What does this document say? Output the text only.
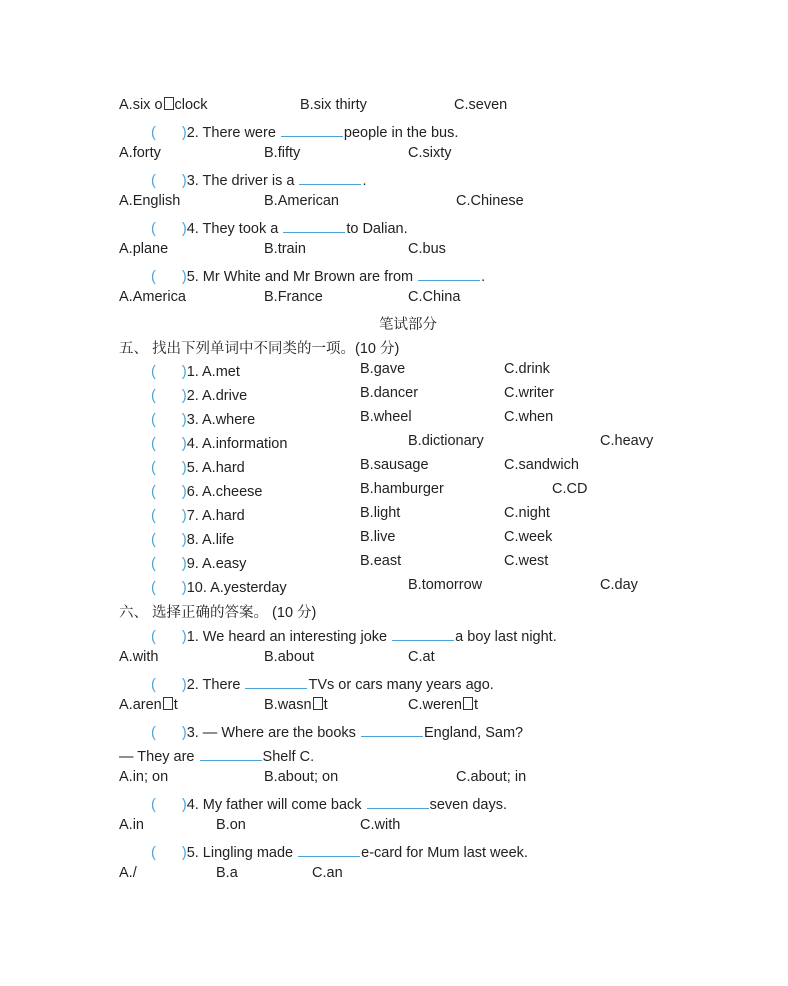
A.six o clock	B.six thirty	C.seven
( )2. There were	people in the bus.
A.forty	B.fifty	C.sixty
( )3. The driver is a	.
A.English	B.American	C.Chinese
( )4. They took a	to Dalian.
A.plane	B.train	C.bus
( )5. Mr White and Mr Brown are from	.
A.America	B.France	C.China
笔试部分
五、 找出下列单词中不同类的一项。(10 分)
( )1. A.met	B.gave	C.drink
( )2. A.drive	B.dancer	C.writer
( )3. A.where	B.wheel	C.when
( )4. A.information	B.dictionary	C.heavy
( )5. A.hard	B.sausage	C.sandwich
( )6. A.cheese	B.hamburger	C.CD
( )7. A.hard	B.light	C.night
( )8. A.life	B.live	C.week
( )9. A.easy	B.east	C.west
( )10. A.yesterday	B.tomorrow	C.day
六、 选择正确的答案。 (10 分)
( )1. We heard an interesting joke	a boy last night.
A.with	B.about	C.at
( )2. There	TVs or cars many years ago.
A.aren t	B.wasn t	C.weren t
( )3. — Where are the books	England, Sam?
— They are	Shelf C.
A.in; on	B.about; on	C.about; in
( )4. My father will come back	seven days.
A.in	B.on	C.with
( )5. Lingling made	e-card for Mum last week.
A./	B.a	C.an
